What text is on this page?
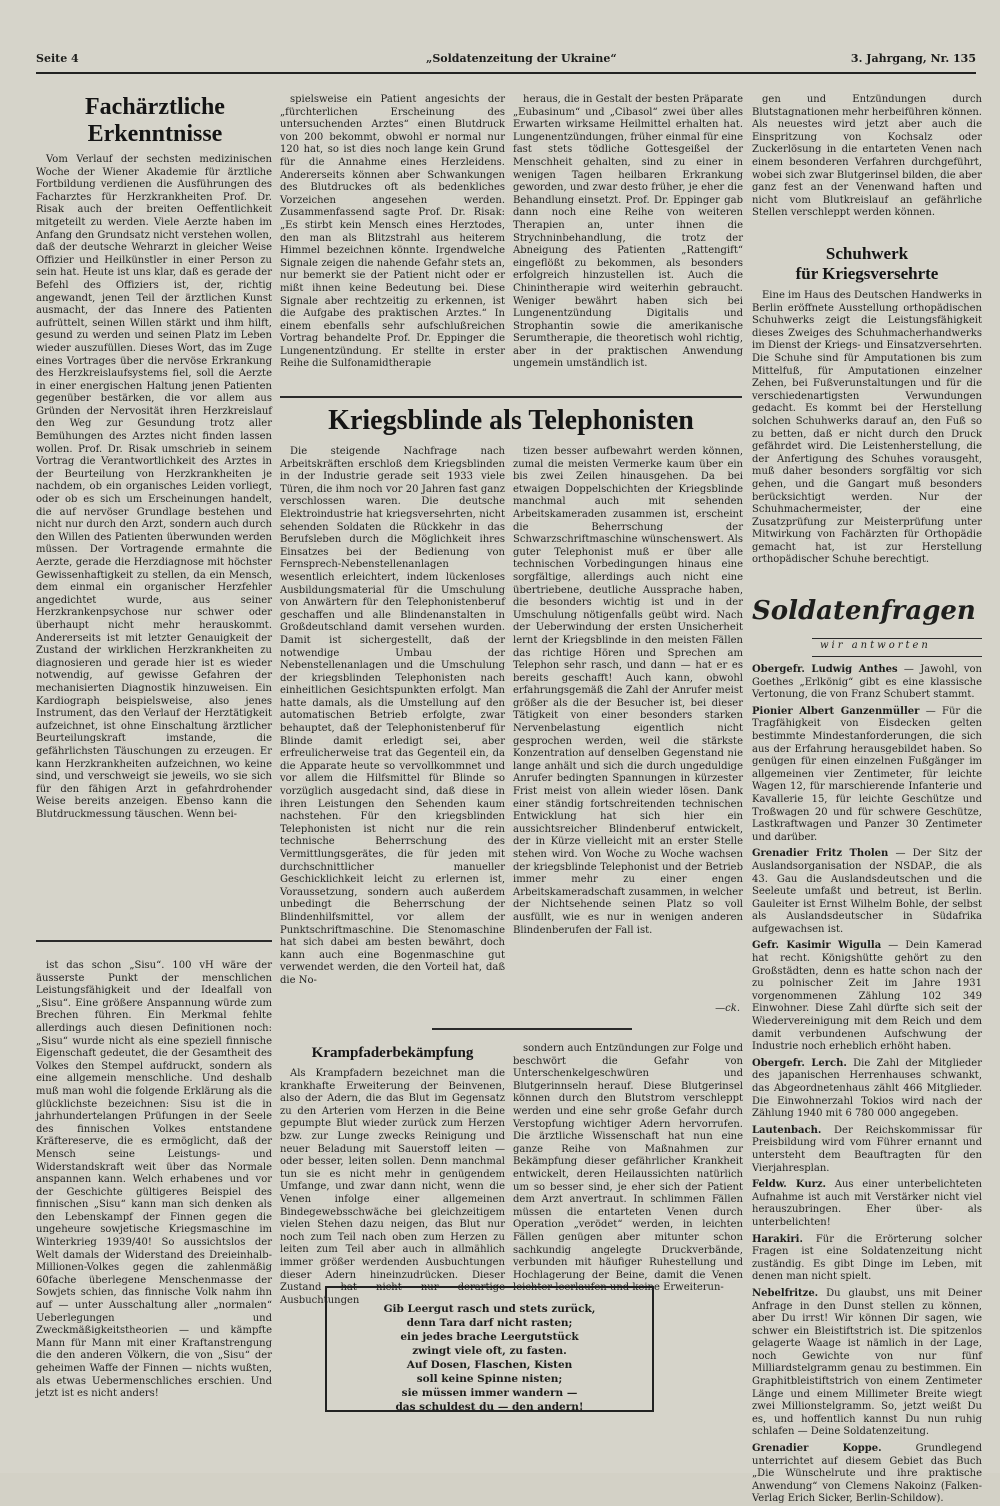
Seite 4	„Soldatenzeitung der Ukraine“	3. Jahrgang, Nr. 135
Fachärztliche
Erkenntnisse

Vom Verlauf der sechsten medizinischen Woche der Wiener Akademie für ärztliche Fortbildung verdienen die Ausführungen des Facharztes für Herzkrankheiten Prof. Dr. Risak auch der breiten Oeffentlichkeit mitgeteilt zu werden. Viele Aerzte haben im Anfang den Grundsatz nicht verstehen wollen, daß der deutsche Wehrarzt in gleicher Weise Offizier und Heilkünstler in einer Person zu sein hat. Heute ist uns klar, daß es gerade der Befehl des Offiziers ist, der, richtig angewandt, jenen Teil der ärztlichen Kunst ausmacht, der das Innere des Patienten aufrüttelt, seinen Willen stärkt und ihm hilft, gesund zu werden und seinen Platz im Leben wieder auszufüllen. Dieses Wort, das im Zuge eines Vortrages über die nervöse Erkrankung des Herzkreislaufsystems fiel, soll die Aerzte in einer energischen Haltung jenen Patienten gegenüber bestärken, die vor allem aus Gründen der Nervosität ihren Herzkreislauf den Weg zur Gesundung trotz aller Bemühungen des Arztes nicht finden lassen wollen. Prof. Dr. Risak umschrieb in seinem Vortrag die Verantwortlichkeit des Arztes in der Beurteilung von Herzkrankheiten je nachdem, ob ein organisches Leiden vorliegt, oder ob es sich um Erscheinungen handelt, die auf nervöser Grundlage bestehen und nicht nur durch den Arzt, sondern auch durch den Willen des Patienten überwunden werden müssen. Der Vortragende ermahnte die Aerzte, gerade die Herzdiagnose mit höchster Gewissenhaftigkeit zu stellen, da ein Mensch, dem einmal ein organischer Herzfehler angedichtet wurde, aus seiner Herzkrankenpsychose nur schwer oder überhaupt nicht mehr herauskommt. Andererseits ist mit letzter Genauigkeit der Zustand der wirklichen Herzkrankheiten zu diagnosieren und gerade hier ist es wieder notwendig, auf gewisse Gefahren der mechanisierten Diagnostik hinzuweisen. Ein Kardiograph beispielsweise, also jenes Instrument, das den Verlauf der Herztätigkeit aufzeichnet, ist ohne Einschaltung ärztlicher Beurteilungskraft imstande, die gefährlichsten Täuschungen zu erzeugen. Er kann Herzkrankheiten aufzeichnen, wo keine sind, und verschweigt sie jeweils, wo sie sich für den fähigen Arzt in gefahrdrohender Weise bereits anzeigen. Ebenso kann die Blutdruckmessung täuschen. Wenn bei-

spielsweise ein Patient angesichts der „fürchterlichen Erscheinung des untersuchenden Arztes“ einen Blutdruck von 200 bekommt, obwohl er normal nur 120 hat, so ist dies noch lange kein Grund für die Annahme eines Herzleidens. Andererseits können aber Schwankungen des Blutdruckes oft als bedenkliches Vorzeichen angesehen werden. Zusammenfassend sagte Prof. Dr. Risak: „Es stirbt kein Mensch eines Herztodes, den man als Blitzstrahl aus heiterem Himmel bezeichnen könnte. Irgendwelche Signale zeigen die nahende Gefahr stets an, nur bemerkt sie der Patient nicht oder er mißt ihnen keine Bedeutung bei. Diese Signale aber rechtzeitig zu erkennen, ist die Aufgabe des praktischen Arztes.“ In einem ebenfalls sehr aufschlußreichen Vortrag behandelte Prof. Dr. Eppinger die Lungenentzündung. Er stellte in erster Reihe die Sulfonamidtherapie

heraus, die in Gestalt der besten Präparate „Eubasinum“ und „Cibasol“ zwei über alles Erwarten wirksame Heilmittel erhalten hat. Lungenentzündungen, früher einmal für eine fast stets tödliche Gottesgeißel der Menschheit gehalten, sind zu einer in wenigen Tagen heilbaren Erkrankung geworden, und zwar desto früher, je eher die Behandlung einsetzt. Prof. Dr. Eppinger gab dann noch eine Reihe von weiteren Therapien an, unter ihnen die Strychninbehandlung, die trotz der Abneigung des Patienten „Rattengift“ eingeflößt zu bekommen, als besonders erfolgreich hinzustellen ist. Auch die Chinintherapie wird weiterhin gebraucht. Weniger bewährt haben sich bei Lungenentzündung Digitalis und Strophantin sowie die amerikanische Serumtherapie, die theoretisch wohl richtig, aber in der praktischen Anwendung ungemein umständlich ist.

gen und Entzündungen durch Blutstagnationen mehr herbeiführen können. Als neuestes wird jetzt aber auch die Einspritzung von Kochsalz oder Zuckerlösung in die entarteten Venen nach einem besonderen Verfahren durchgeführt, wobei sich zwar Blutgerinsel bilden, die aber ganz fest an der Venenwand haften und nicht vom Blutkreislauf an gefährliche Stellen verschleppt werden können.

Schuhwerk
für Kriegsversehrte

Eine im Haus des Deutschen Handwerks in Berlin eröffnete Ausstellung orthopädischen Schuhwerks zeigt die Leistungsfähigkeit dieses Zweiges des Schuhmacherhandwerks im Dienst der Kriegs- und Einsatzversehrten. Die Schuhe sind für Amputationen bis zum Mittelfuß, für Amputationen einzelner Zehen, bei Fußverunstaltungen und für die verschiedenartigsten Verwundungen gedacht. Es kommt bei der Herstellung solchen Schuhwerks darauf an, den Fuß so zu betten, daß er nicht durch den Druck gefährdet wird. Die Leistenherstellung, die der Anfertigung des Schuhes vorausgeht, muß daher besonders sorgfältig vor sich gehen, und die Gangart muß besonders berücksichtigt werden. Nur der Schuhmachermeister, der eine Zusatzprüfung zur Meisterprüfung unter Mitwirkung von Fachärzten für Orthopädie gemacht hat, ist zur Herstellung orthopädischer Schuhe berechtigt.

Kriegsblinde als Telephonisten

Die steigende Nachfrage nach Arbeitskräften erschloß dem Kriegsblinden in der Industrie gerade seit 1933 viele Türen, die ihm noch vor 20 Jahren fast ganz verschlossen waren. Die deutsche Elektroindustrie hat kriegsversehrten, nicht sehenden Soldaten die Rückkehr in das Berufsleben durch die Möglichkeit ihres Einsatzes bei der Bedienung von Fernsprech-Nebenstellenanlagen wesentlich erleichtert, indem lückenloses Ausbildungsmaterial für die Umschulung von Anwärtern für den Telephonistenberuf geschaffen und alle Blindenanstalten in Großdeutschland damit versehen wurden. Damit ist sichergestellt, daß der notwendige Umbau der Nebenstellenanlagen und die Umschulung der kriegsblinden Telephonisten nach einheitlichen Gesichtspunkten erfolgt. Man hatte damals, als die Umstellung auf den automatischen Betrieb erfolgte, zwar behauptet, daß der Telephonistenberuf für Blinde damit erledigt sei, aber erfreulicherweise trat das Gegenteil ein, da die Apparate heute so vervollkommnet und vor allem die Hilfsmittel für Blinde so vorzüglich ausgedacht sind, daß diese in ihren Leistungen den Sehenden kaum nachstehen. Für den kriegsblinden Telephonisten ist nicht nur die rein technische Beherrschung des Vermittlungsgerätes, die für jeden mit durchschnittlicher manueller Geschicklichkeit leicht zu erlernen ist, Voraussetzung, sondern auch außerdem unbedingt die Beherrschung der Blindenhilfsmittel, vor allem der Punktschriftmaschine. Die Stenomaschine hat sich dabei am besten bewährt, doch kann auch eine Bogenmaschine gut verwendet werden, die den Vorteil hat, daß die No-

tizen besser aufbewahrt werden können, zumal die meisten Vermerke kaum über ein bis zwei Zeilen hinausgehen. Da bei etwaigen Doppelschichten der Kriegsblinde manchmal auch mit sehenden Arbeitskameraden zusammen ist, erscheint die Beherrschung der Schwarzschriftmaschine wünschenswert. Als guter Telephonist muß er über alle technischen Vorbedingungen hinaus eine sorgfältige, allerdings auch nicht eine übertriebene, deutliche Aussprache haben, die besonders wichtig ist und in der Umschulung nötigenfalls geübt wird. Nach der Ueberwindung der ersten Unsicherheit lernt der Kriegsblinde in den meisten Fällen das richtige Hören und Sprechen am Telephon sehr rasch, und dann — hat er es bereits geschafft! Auch kann, obwohl erfahrungsgemäß die Zahl der Anrufer meist größer als die der Besucher ist, bei dieser Tätigkeit von einer besonders starken Nervenbelastung eigentlich nicht gesprochen werden, weil die stärkste Konzentration auf denselben Gegenstand nie lange anhält und sich die durch ungeduldige Anrufer bedingten Spannungen in kürzester Frist meist von allein wieder lösen. Dank einer ständig fortschreitenden technischen Entwicklung hat sich hier ein aussichtsreicher Blindenberuf entwickelt, der in Kürze vielleicht mit an erster Stelle stehen wird. Von Woche zu Woche wachsen der kriegsblinde Telephonist und der Betrieb immer mehr zu einer engen Arbeitskameradschaft zusammen, in welcher der Nichtsehende seinen Platz so voll ausfüllt, wie es nur in wenigen anderen Blindenberufen der Fall ist.

—ck.

ist das schon „Sisu“. 100 vH wäre der äusserste Punkt der menschlichen Leistungsfähigkeit und der Idealfall von „Sisu“. Eine größere Anspannung würde zum Brechen führen. Ein Merkmal fehlte allerdings auch diesen Definitionen noch: „Sisu“ wurde nicht als eine speziell finnische Eigenschaft gedeutet, die der Gesamtheit des Volkes den Stempel aufdruckt, sondern als eine allgemein menschliche. Und deshalb muß man wohl die folgende Erklärung als die glücklichste bezeichnen: Sisu ist die in jahrhundertelangen Prüfungen in der Seele des finnischen Volkes entstandene Kräftereserve, die es ermöglicht, daß der Mensch seine Leistungs- und Widerstandskraft weit über das Normale anspannen kann. Welch erhabenes und vor der Geschichte gültigeres Beispiel des finnischen „Sisu“ kann man sich denken als den Lebenskampf der Finnen gegen die ungeheure sowjetische Kriegsmaschine im Winterkrieg 1939/40! So aussichtslos der Welt damals der Widerstand des Dreieinhalb-Millionen-Volkes gegen die zahlenmäßig 60fache überlegene Menschenmasse der Sowjets schien, das finnische Volk nahm ihn auf — unter Ausschaltung aller „normalen“ Ueberlegungen und Zweckmäßigkeitstheorien — und kämpfte Mann für Mann mit einer Kraftanstrengung die den anderen Völkern, die von „Sisu“ der geheimen Waffe der Finnen — nichts wußten, als etwas Uebermenschliches erschien. Und jetzt ist es nicht anders!

Krampfaderbekämpfung

Als Krampfadern bezeichnet man die krankhafte Erweiterung der Beinvenen, also der Adern, die das Blut im Gegensatz zu den Arterien vom Herzen in die Beine gepumpte Blut wieder zurück zum Herzen bzw. zur Lunge zwecks Reinigung und neuer Beladung mit Sauerstoff leiten — oder besser, leiten sollen. Denn manchmal tun sie es nicht mehr in genügendem Umfange, und zwar dann nicht, wenn die Venen infolge einer allgemeinen Bindegewebsschwäche bei gleichzeitigem vielen Stehen dazu neigen, das Blut nur noch zum Teil nach oben zum Herzen zu leiten zum Teil aber auch in allmählich immer größer werdenden Ausbuchtungen dieser Adern hineinzudrücken. Dieser Zustand hat nicht nur derartige Ausbuchtungen

sondern auch Entzündungen zur Folge und beschwört die Gefahr von Unterschenkelgeschwüren und Blutgerinnseln herauf. Diese Blutgerinsel können durch den Blutstrom verschleppt werden und eine sehr große Gefahr durch Verstopfung wichtiger Adern hervorrufen. Die ärztliche Wissenschaft hat nun eine ganze Reihe von Maßnahmen zur Bekämpfung dieser gefährlicher Krankheit entwickelt, deren Heilaussichten natürlich um so besser sind, je eher sich der Patient dem Arzt anvertraut. In schlimmen Fällen müssen die entarteten Venen durch Operation „verödet“ werden, in leichten Fällen genügen aber mitunter schon sachkundig angelegte Druckverbände, verbunden mit häufiger Ruhestellung und Hochlagerung der Beine, damit die Venen leichter leerlaufen und keine Erweiterun-

Gib Leergut rasch und stets zurück,
denn Tara darf nicht rasten;
ein jedes brache Leergutstück
zwingt viele oft, zu fasten.
Auf Dosen, Flaschen, Kisten
soll keine Spinne nisten;
sie müssen immer wandern —
das schuldest du — den andern!
Soldatenfragen
wir antworten
Obergefr. Ludwig Anthes — Jawohl, von Goethes „Erlkönig“ gibt es eine klassische Vertonung, die von Franz Schubert stammt.
Pionier Albert Ganzenmüller — Für die Tragfähigkeit von Eisdecken gelten bestimmte Mindestanforderungen, die sich aus der Erfahrung herausgebildet haben. So genügen für einen einzelnen Fußgänger im allgemeinen vier Zentimeter, für leichte Wagen 12, für marschierende Infanterie und Kavallerie 15, für leichte Geschütze und Troßwagen 20 und für schwere Geschütze, Lastkraftwagen und Panzer 30 Zentimeter und darüber.
Grenadier Fritz Tholen — Der Sitz der Auslandsorganisation der NSDAP., die als 43. Gau die Auslandsdeutschen und die Seeleute umfaßt und betreut, ist Berlin. Gauleiter ist Ernst Wilhelm Bohle, der selbst als Auslandsdeutscher in Südafrika aufgewachsen ist.
Gefr. Kasimir Wigulla — Dein Kamerad hat recht. Königshütte gehört zu den Großstädten, denn es hatte schon nach der zu polnischer Zeit im Jahre 1931 vorgenommenen Zählung 102 349 Einwohner. Diese Zahl dürfte sich seit der Wiedervereinigung mit dem Reich und dem damit verbundenen Aufschwung der Industrie noch erheblich erhöht haben.
Obergefr. Lerch. Die Zahl der Mitglieder des japanischen Herrenhauses schwankt, das Abgeordnetenhaus zählt 466 Mitglieder. Die Einwohnerzahl Tokios wird nach der Zählung 1940 mit 6 780 000 angegeben.
Lautenbach. Der Reichskommissar für Preisbildung wird vom Führer ernannt und untersteht dem Beauftragten für den Vierjahresplan.
Feldw. Kurz. Aus einer unterbelichteten Aufnahme ist auch mit Verstärker nicht viel herauszubringen. Eher über- als unterbelichten!
Harakiri. Für die Erörterung solcher Fragen ist eine Soldatenzeitung nicht zuständig. Es gibt Dinge im Leben, mit denen man nicht spielt.
Nebelfritze. Du glaubst, uns mit Deiner Anfrage in den Dunst stellen zu können, aber Du irrst! Wir können Dir sagen, wie schwer ein Bleistiftstrich ist. Die spitzenlos gelagerte Waage ist nämlich in der Lage, noch Gewichte von nur fünf Milliardstelgramm genau zu bestimmen. Ein Graphitbleistiftstrich von einem Zentimeter Länge und einem Millimeter Breite wiegt zwei Millionstelgramm. So, jetzt weißt Du es, und hoffentlich kannst Du nun ruhig schlafen — Deine Soldatenzeitung.
Grenadier Koppe.	Grundlegend unterrichtet auf diesem Gebiet das Buch „Die Wünschelrute und ihre praktische Anwendung“ von Clemens Nakoinz (Falken-Verlag Erich Sicker, Berlin-Schildow).
